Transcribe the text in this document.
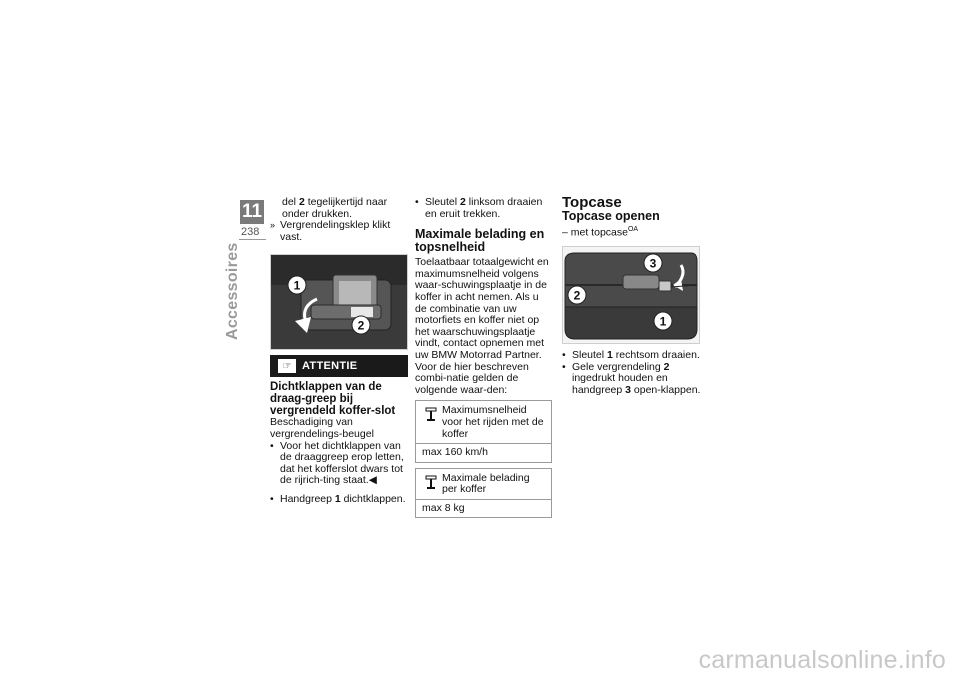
11
238
Accessoires

del 2 tegelijkertijd naar onder drukken.

» Vergrendelingsklep klikt vast.

1
2
☞ ATTENTIE

Dichtklappen van de draag-greep bij vergrendeld koffer-slot

Beschadiging van vergrendelings-beugel

• Voor het dichtklappen van de draaggreep erop letten, dat het kofferslot dwars tot de rijrich-ting staat.◀

• Handgreep 1 dichtklappen.

• Sleutel 2 linksom draaien en eruit trekken.

Maximale belading en topsnelheid

Toelaatbaar totaalgewicht en maximumsnelheid volgens waar-schuwingsplaatje in de koffer in acht nemen. Als u de combinatie van uw motorfiets en koffer niet op het waarschuwingsplaatje vindt, contact opnemen met uw BMW Motorrad Partner. Voor de hier beschreven combi-natie gelden de volgende waar-den:

Maximumsnelheid voor het rijden met de koffer
max 160 km/h
Maximale belading per koffer
max 8 kg

Topcase

Topcase openen

– met topcase$^{OA}$

3
2
1

• Sleutel 1 rechtsom draaien.

• Gele vergrendeling 2 ingedrukt houden en handgreep 3 open-klappen.

carmanualsonline.info
